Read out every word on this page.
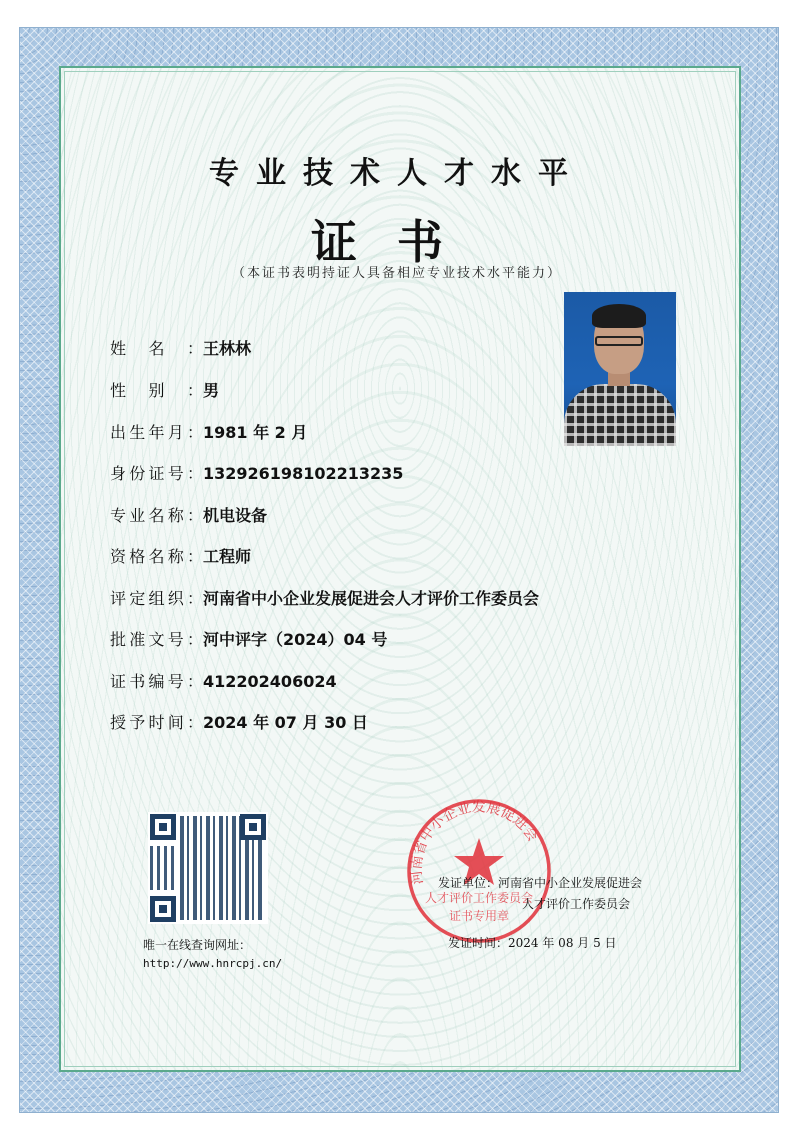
专业技术人才水平
证书
（本证书表明持证人具备相应专业技术水平能力）
姓名：王林林
性别：男
出生年月：1981 年 2 月
身份证号：132926198102213235
专业名称：机电设备
资格名称：工程师
评定组织：河南省中小企业发展促进会人才评价工作委员会
批准文号：河中评字（2024）04 号
证书编号：412202406024
授予时间：2024 年 07 月 30 日
唯一在线查询网址：
http://www.hnrcpj.cn/
河南省中小企业发展促进会
人才评价工作委员会
证书专用章
发证单位：河南省中小企业发展促进会
人才评价工作委员会
发证时间：2024 年 08 月 5 日
